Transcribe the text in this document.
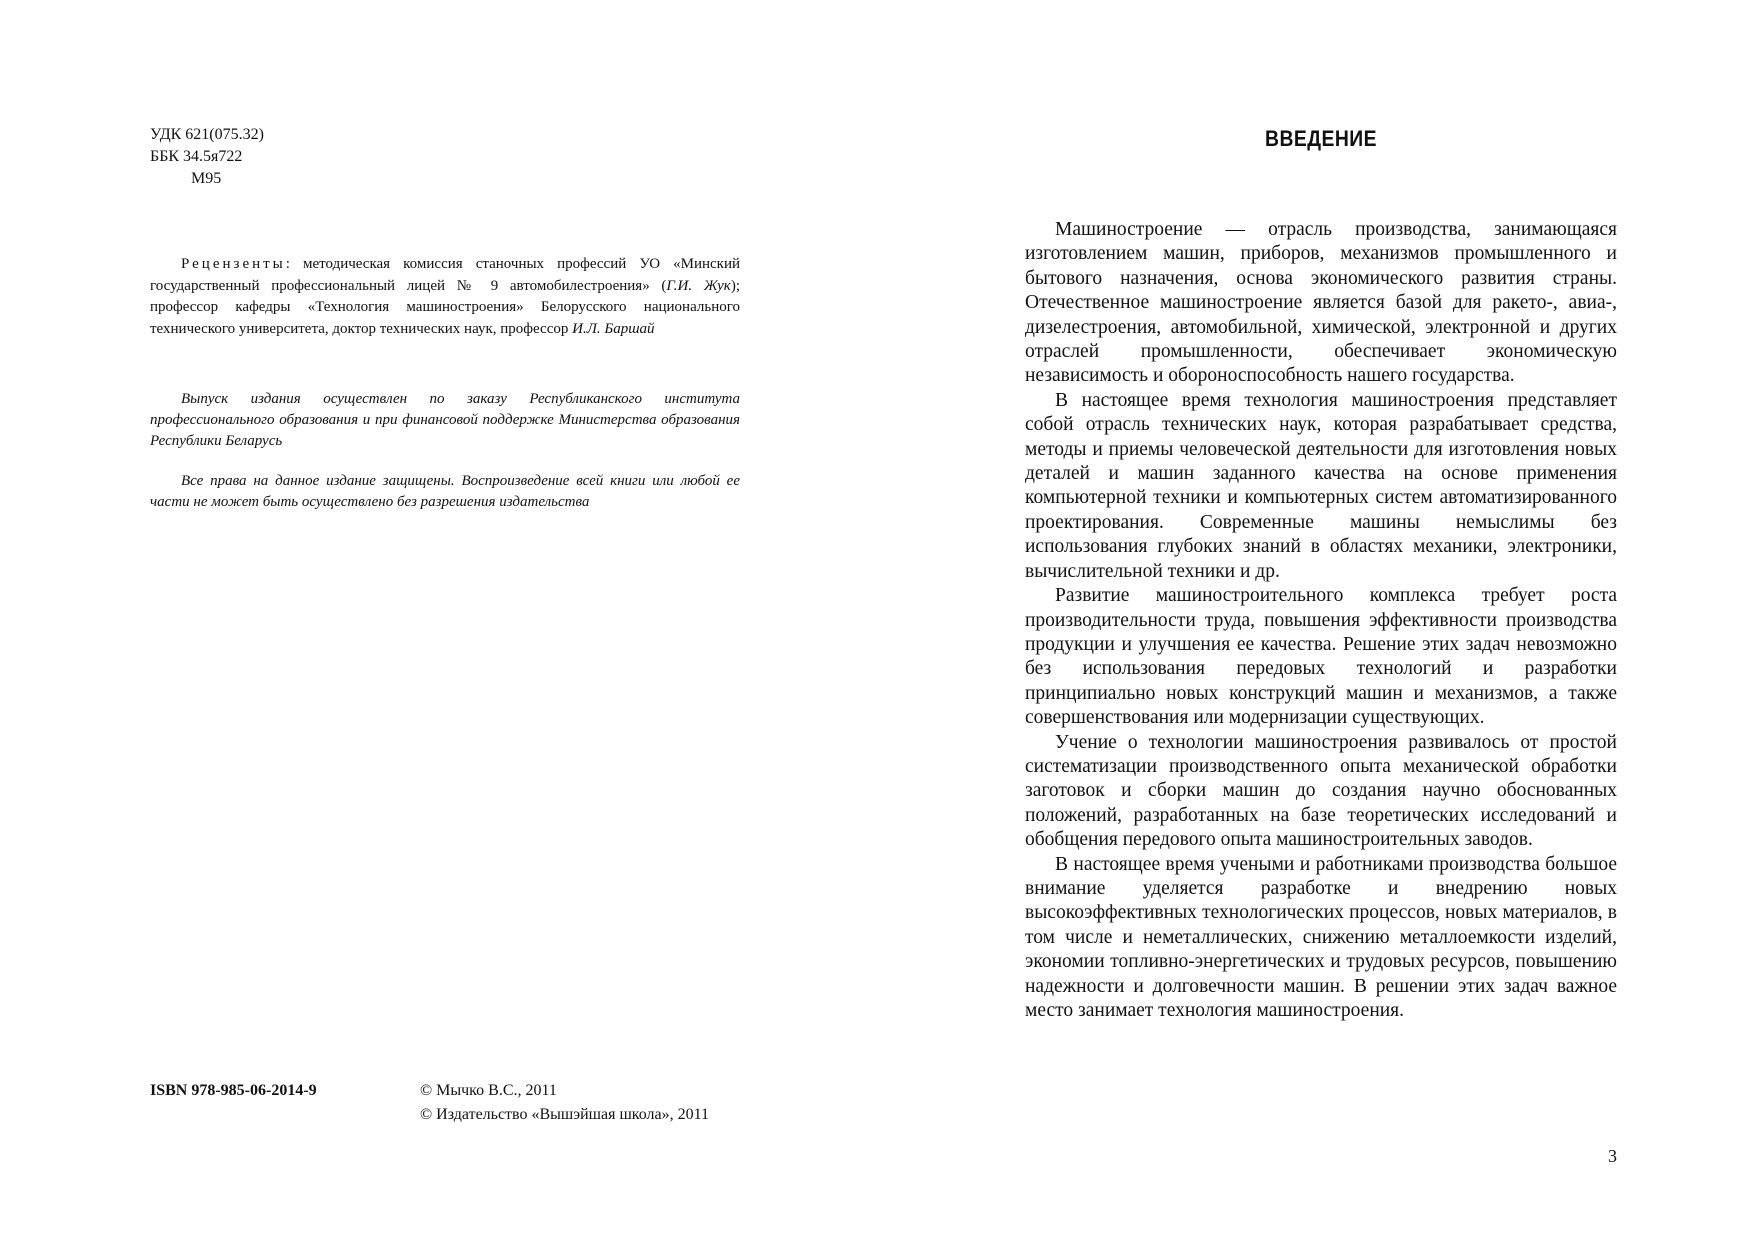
УДК 621(075.32)
ББК 34.5я722
М95
Рецензенты: методическая комиссия станочных профессий УО «Минский государственный профессиональный лицей № 9 автомобилестроения» (Г.И. Жук); профессор кафедры «Технология машиностроения» Белорусского национального технического университета, доктор технических наук, профессор И.Л. Баршай
Выпуск издания осуществлен по заказу Республиканского института профессионального образования и при финансовой поддержке Министерства образования Республики Беларусь
Все права на данное издание защищены. Воспроизведение всей книги или любой ее части не может быть осуществлено без разрешения издательства
ISBN 978-985-06-2014-9	© Мычко В.С., 2011
© Издательство «Вышэйшая школа», 2011
ВВЕДЕНИЕ

Машиностроение — отрасль производства, занимающаяся изготовлением машин, приборов, механизмов промышленного и бытового назначения, основа экономического развития страны. Отечественное машиностроение является базой для ракето-, авиа-, дизелестроения, автомобильной, химической, электронной и других отраслей промышленности, обеспечивает экономическую независимость и обороноспособность нашего государства.

В настоящее время технология машиностроения представляет собой отрасль технических наук, которая разрабатывает средства, методы и приемы человеческой деятельности для изготовления новых деталей и машин заданного качества на основе применения компьютерной техники и компьютерных систем автоматизированного проектирования. Современные машины немыслимы без использования глубоких знаний в областях механики, электроники, вычислительной техники и др.

Развитие машиностроительного комплекса требует роста производительности труда, повышения эффективности производства продукции и улучшения ее качества. Решение этих задач невозможно без использования передовых технологий и разработки принципиально новых конструкций машин и механизмов, а также совершенствования или модернизации существующих.

Учение о технологии машиностроения развивалось от простой систематизации производственного опыта механической обработки заготовок и сборки машин до создания научно обоснованных положений, разработанных на базе теоретических исследований и обобщения передового опыта машиностроительных заводов.

В настоящее время учеными и работниками производства большое внимание уделяется разработке и внедрению новых высокоэффективных технологических процессов, новых материалов, в том числе и неметаллических, снижению металлоемкости изделий, экономии топливно-энергетических и трудовых ресурсов, повышению надежности и долговечности машин. В решении этих задач важное место занимает технология машиностроения.

3
